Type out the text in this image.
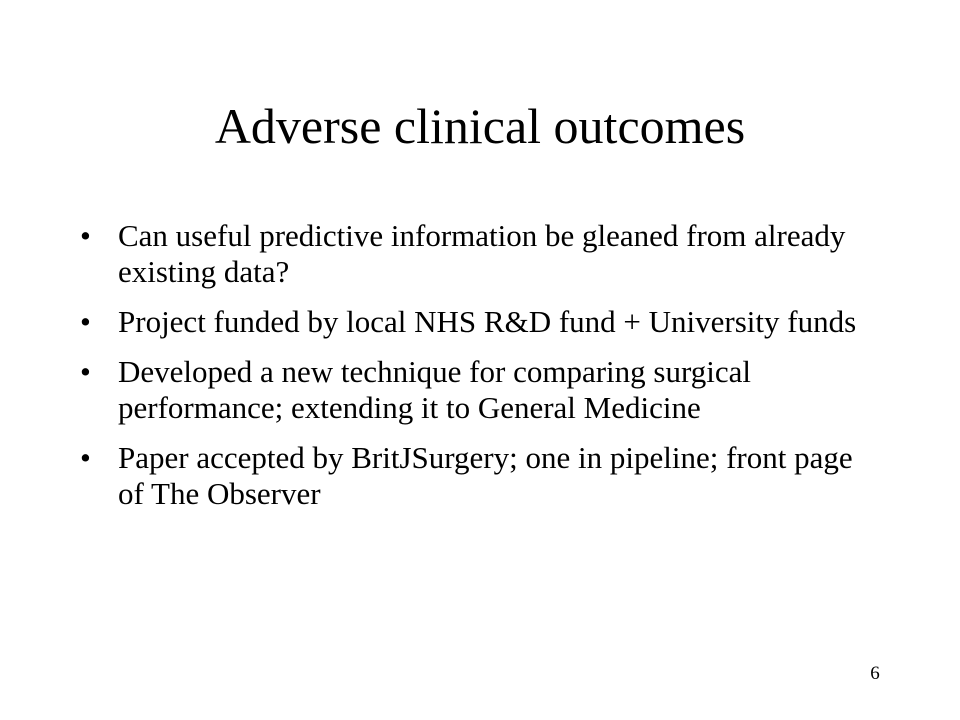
Adverse clinical outcomes
• Can useful predictive information be gleaned from already existing data?
• Project funded by local NHS R&D fund + University funds
• Developed a new technique for comparing surgical performance; extending it to General Medicine
• Paper accepted by BritJSurgery; one in pipeline; front page of The Observer
6
